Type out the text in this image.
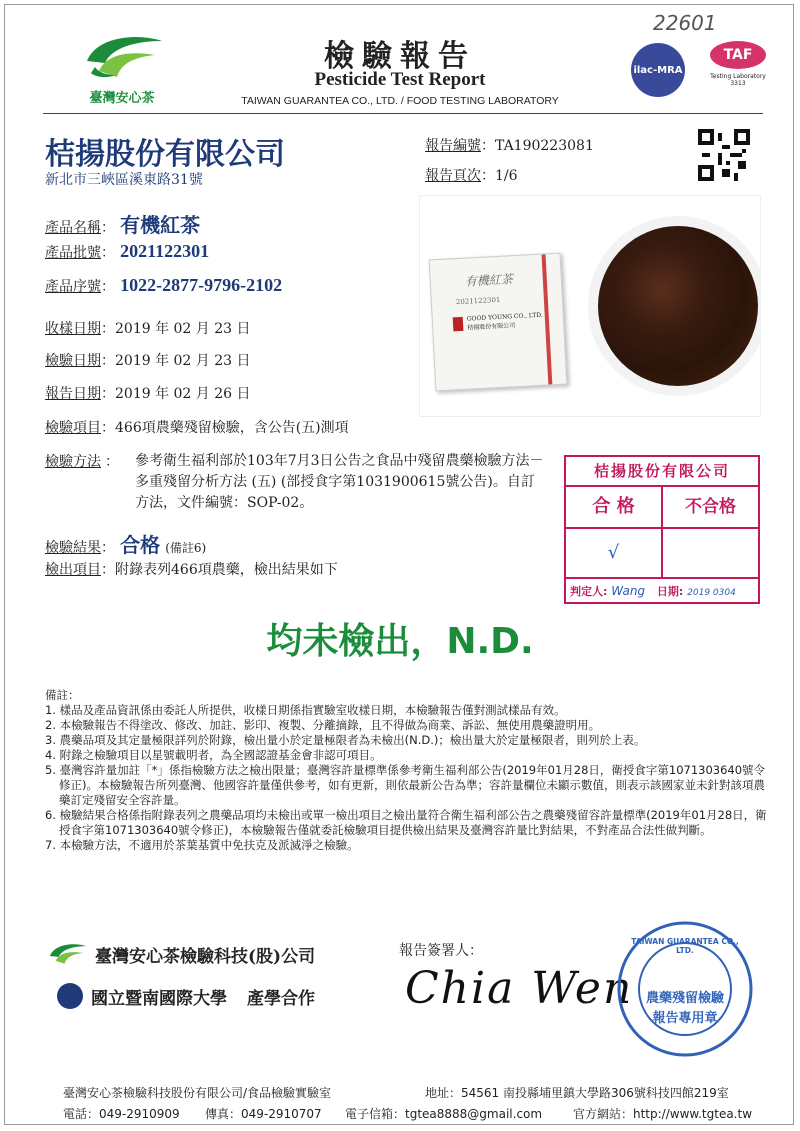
臺灣安心茶
檢驗報告
Pesticide Test Report
TAIWAN GUARANTEA CO., LTD. / FOOD TESTING LABORATORY
22601
ilac-MRA
TAF
Testing Laboratory
3313
桔揚股份有限公司
新北市三峽區溪東路31號
報告編號：TA190223081
報告頁次：1/6
產品名稱： 有機紅茶
產品批號： 2021122301
產品序號： 1022-2877-9796-2102
收樣日期：2019 年 02 月 23 日
檢驗日期：2019 年 02 月 23 日
報告日期：2019 年 02 月 26 日
檢驗項目：466項農藥殘留檢驗，含公告(五)測項
檢驗方法 ： 參考衛生福利部於103年7月3日公告之食品中殘留農藥檢驗方法－多重殘留分析方法 (五) (部授食字第1031900615號公告)。自訂方法，文件編號：SOP-02。
檢驗結果： 合格 (備註6)
檢出項目：附錄表列466項農藥，檢出結果如下
有機紅茶
2021122301
GOOD YOUNG CO., LTD.
桔揚股份有限公司
桔揚股份有限公司
合 格	不合格
√
判定人: Wang 日期: 2019 0304
均未檢出，N.D.

備註：

1. 樣品及產品資訊係由委託人所提供，收樣日期係指實驗室收樣日期，本檢驗報告僅對測試樣品有效。

2. 本檢驗報告不得塗改、修改、加註、影印、複製、分離摘錄，且不得做為商業、訴訟、無使用農藥證明用。

3. 農藥品項及其定量極限詳列於附錄，檢出量小於定量極限者為未檢出(N.D.)；檢出量大於定量極限者，則列於上表。

4. 附錄之檢驗項目以星號載明者，為全國認證基金會非認可項目。

5. 臺灣容許量加註「*」係指檢驗方法之檢出限量；臺灣容許量標準係參考衛生福利部公告(2019年01月28日，衛授食字第1071303640號令修正)。本檢驗報告所列臺灣、他國容許量僅供參考，如有更新，則依最新公告為準；容許量欄位未顯示數值，則表示該國家並未針對該項農藥訂定殘留安全容許量。

6. 檢驗結果合格係指附錄表列之農藥品項均未檢出或單一檢出項目之檢出量符合衛生福利部公告之農藥殘留容許量標準(2019年01月28日，衛授食字第1071303640號令修正)，本檢驗報告僅就委託檢驗項目提供檢出結果及臺灣容許量比對結果，不對產品合法性做判斷。

7. 本檢驗方法，不適用於茶葉基質中免扶克及派滅淨之檢驗。

臺灣安心茶檢驗科技(股)公司
國立暨南國際大學 產學合作
報告簽署人：
Chia Wen
TAIWAN GUARANTEA CO., LTD.
農藥殘留檢驗
報告專用章
臺灣安心茶檢驗科技股份有限公司/食品檢驗實驗室	地址：54561 南投縣埔里鎮大學路306號科技四館219室
電話：049-2910909 傳真：049-2910707 電子信箱：tgtea8888@gmail.com	官方網站：http://www.tgtea.tw
